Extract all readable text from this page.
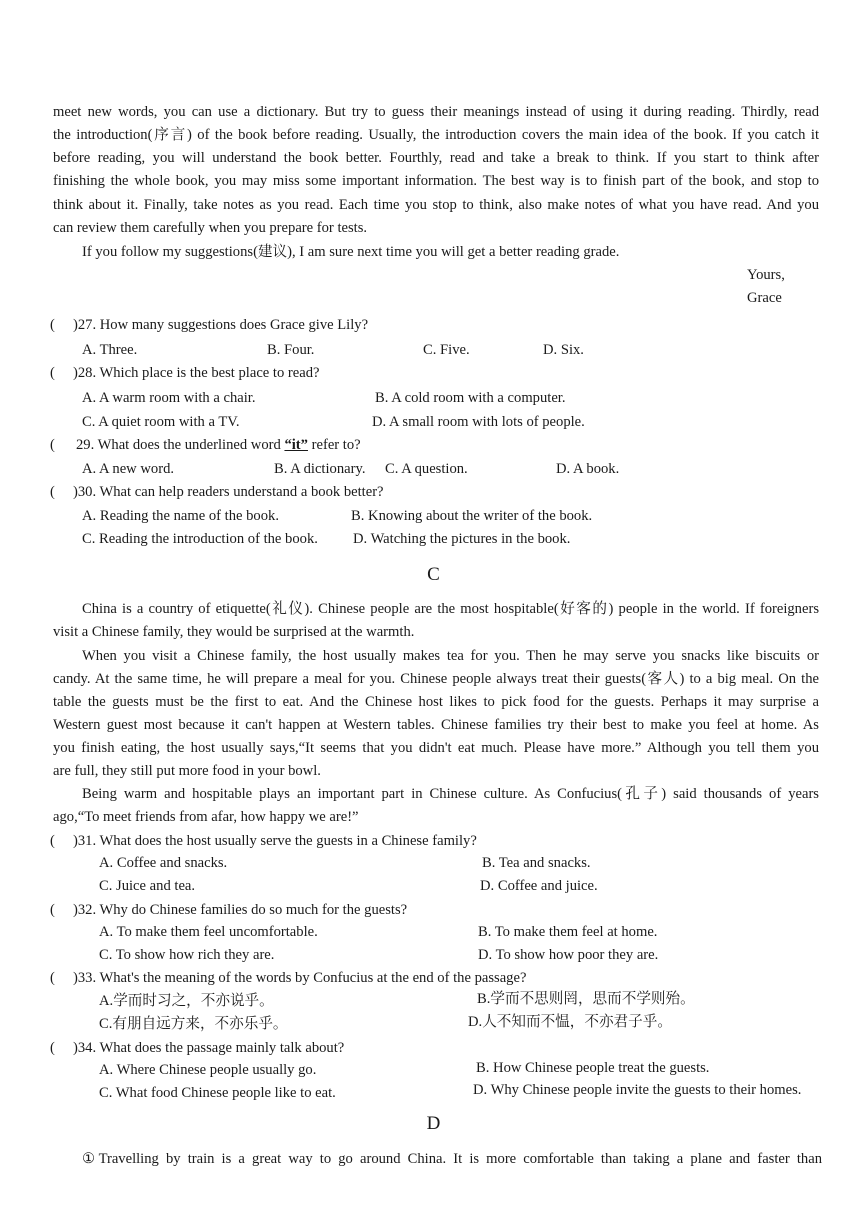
meet new words, you can use a dictionary. But try to guess their meanings instead of using it during reading. Thirdly, read
the introduction(序言) of the book before reading. Usually, the introduction covers the main idea of the book. If you catch it
before reading, you will understand the book better. Fourthly, read and take a break to think. If you start to think after
finishing the whole book, you may miss some important information. The best way is to finish part of the book, and stop to
think about it. Finally, take notes as you read. Each time you stop to think, also make notes of what you have read. And you
can review them carefully when you prepare for tests.
If you follow my suggestions(建议), I am sure next time you will get a better reading grade.
Yours,
Grace
( )27. How many suggestions does Grace give Lily?
A. Three.	B. Four.	C. Five.	D. Six.
( )28. Which place is the best place to read?
A. A warm room with a chair.	B. A cold room with a computer.
C. A quiet room with a TV.	D. A small room with lots of people.
( 29. What does the underlined word “it” refer to?
A. A new word.	B. A dictionary. C. A question.	D. A book.
( )30. What can help readers understand a book better?
A. Reading the name of the book.	B. Knowing about the writer of the book.
C. Reading the introduction of the book. D. Watching the pictures in the book.
C
China is a country of etiquette(礼仪). Chinese people are the most hospitable(好客的) people in the world. If foreigners
visit a Chinese family, they would be surprised at the warmth.
When you visit a Chinese family, the host usually makes tea for you. Then he may serve you snacks like biscuits or
candy. At the same time, he will prepare a meal for you. Chinese people always treat their guests(客人) to a big meal. On the
table the guests must be the first to eat. And the Chinese host likes to pick food for the guests. Perhaps it may surprise a
Western guest most because it can't happen at Western tables. Chinese families try their best to make you feel at home. As
you finish eating, the host usually says,“It seems that you didn't eat much. Please have more.” Although you tell them you
are full, they still put more food in your bowl.
Being warm and hospitable plays an important part in Chinese culture. As Confucius(孔子) said thousands of years
ago,“To meet friends from afar, how happy we are!”
( )31. What does the host usually serve the guests in a Chinese family?
A. Coffee and snacks.	B. Tea and snacks.
C. Juice and tea.	D. Coffee and juice.
( )32. Why do Chinese families do so much for the guests?
A. To make them feel uncomfortable.	B. To make them feel at home.
C. To show how rich they are.	D. To show how poor they are.
( )33. What's the meaning of the words by Confucius at the end of the passage?
A.学而时习之，不亦说乎。	B.学而不思则罔，思而不学则殆。
C.有朋自远方来，不亦乐乎。	D.人不知而不愠，不亦君子乎。
( )34. What does the passage mainly talk about?
A. Where Chinese people usually go.	B. How Chinese people treat the guests.
C. What food Chinese people like to eat.	D. Why Chinese people invite the guests to their homes.
D
①Travelling by train is a great way to go around China. It is more comfortable than taking a plane and faster than
